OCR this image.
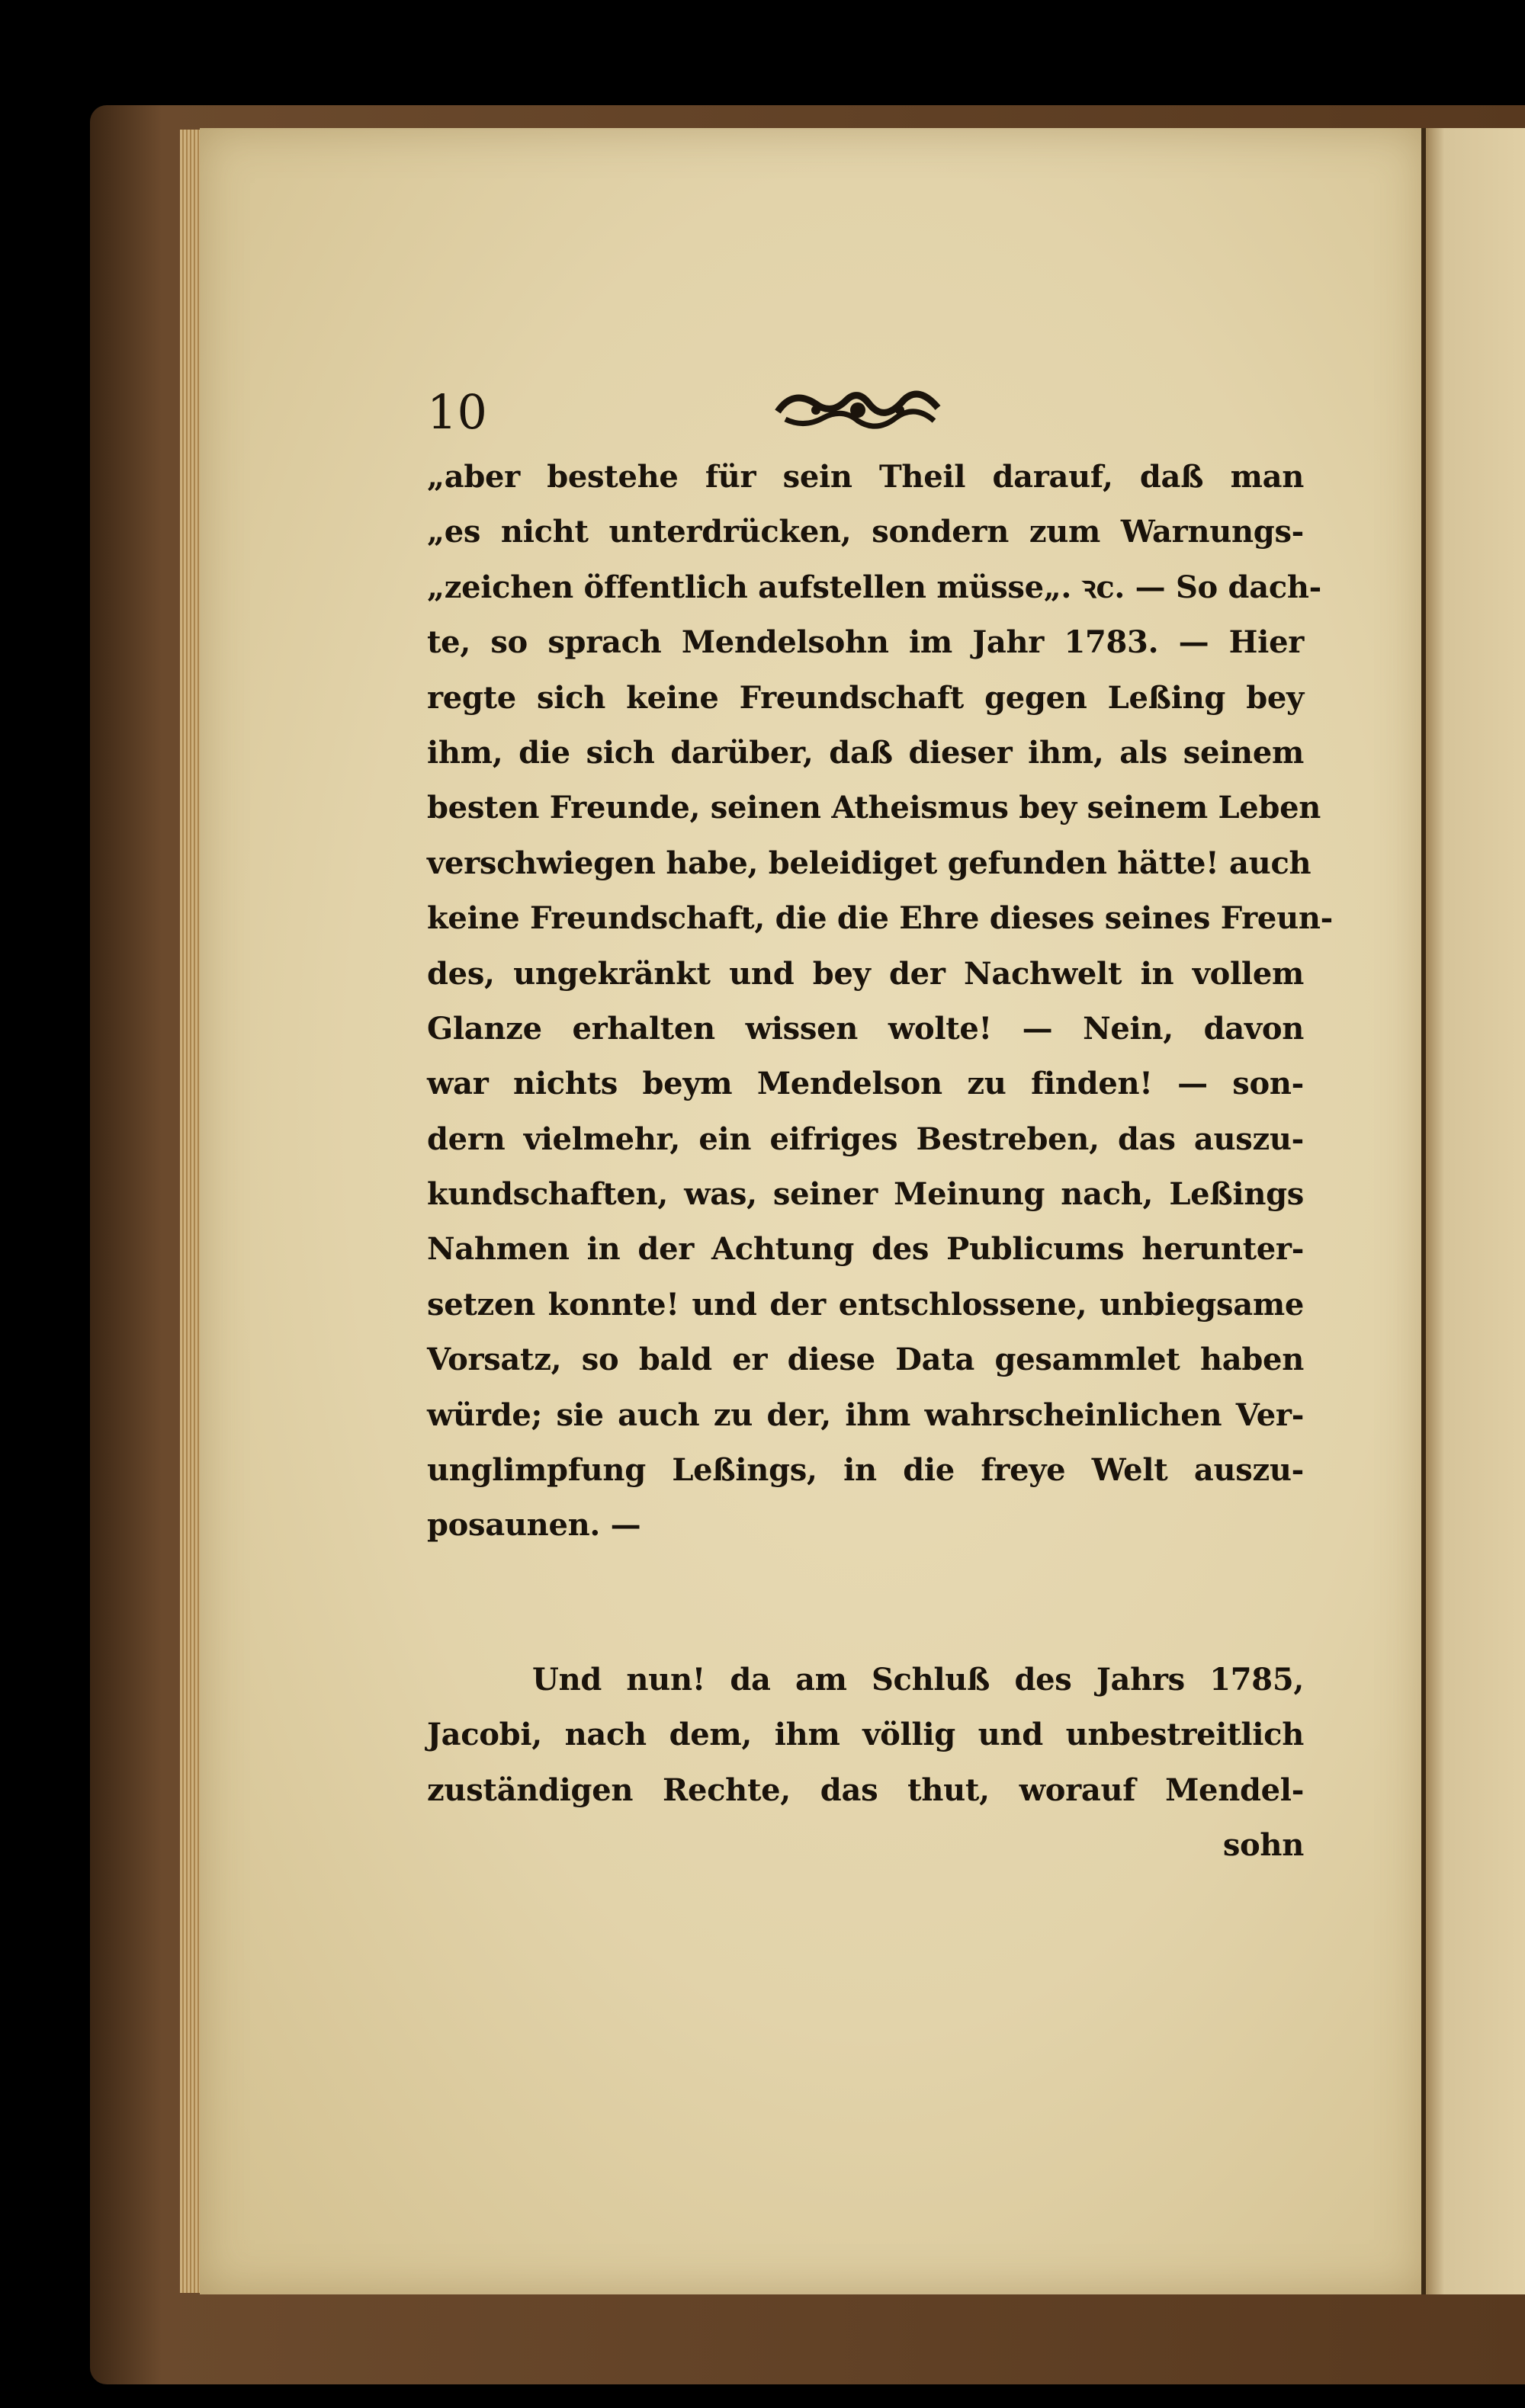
10
„aber bestehe für sein Theil darauf, daß man
„es nicht unterdrücken, sondern zum Warnungs-
„zeichen öffentlich aufstellen müsse„. ꝛc. — So dach-
te, so sprach Mendelsohn im Jahr 1783. — Hier
regte sich keine Freundschaft gegen Leßing bey
ihm, die sich darüber, daß dieser ihm, als seinem
besten Freunde, seinen Atheismus bey seinem Leben
verschwiegen habe, beleidiget gefunden hätte! auch
keine Freundschaft, die die Ehre dieses seines Freun-
des, ungekränkt und bey der Nachwelt in vollem
Glanze erhalten wissen wolte! — Nein, davon
war nichts beym Mendelson zu finden! — son-
dern vielmehr, ein eifriges Bestreben, das auszu-
kundschaften, was, seiner Meinung nach, Leßings
Nahmen in der Achtung des Publicums herunter-
setzen konnte! und der entschlossene, unbiegsame
Vorsatz, so bald er diese Data gesammlet haben
würde; sie auch zu der, ihm wahrscheinlichen Ver-
unglimpfung Leßings, in die freye Welt auszu-
posaunen. —
Und nun! da am Schluß des Jahrs 1785,
Jacobi, nach dem, ihm völlig und unbestreitlich
zuständigen Rechte, das thut, worauf Mendel-
sohn
